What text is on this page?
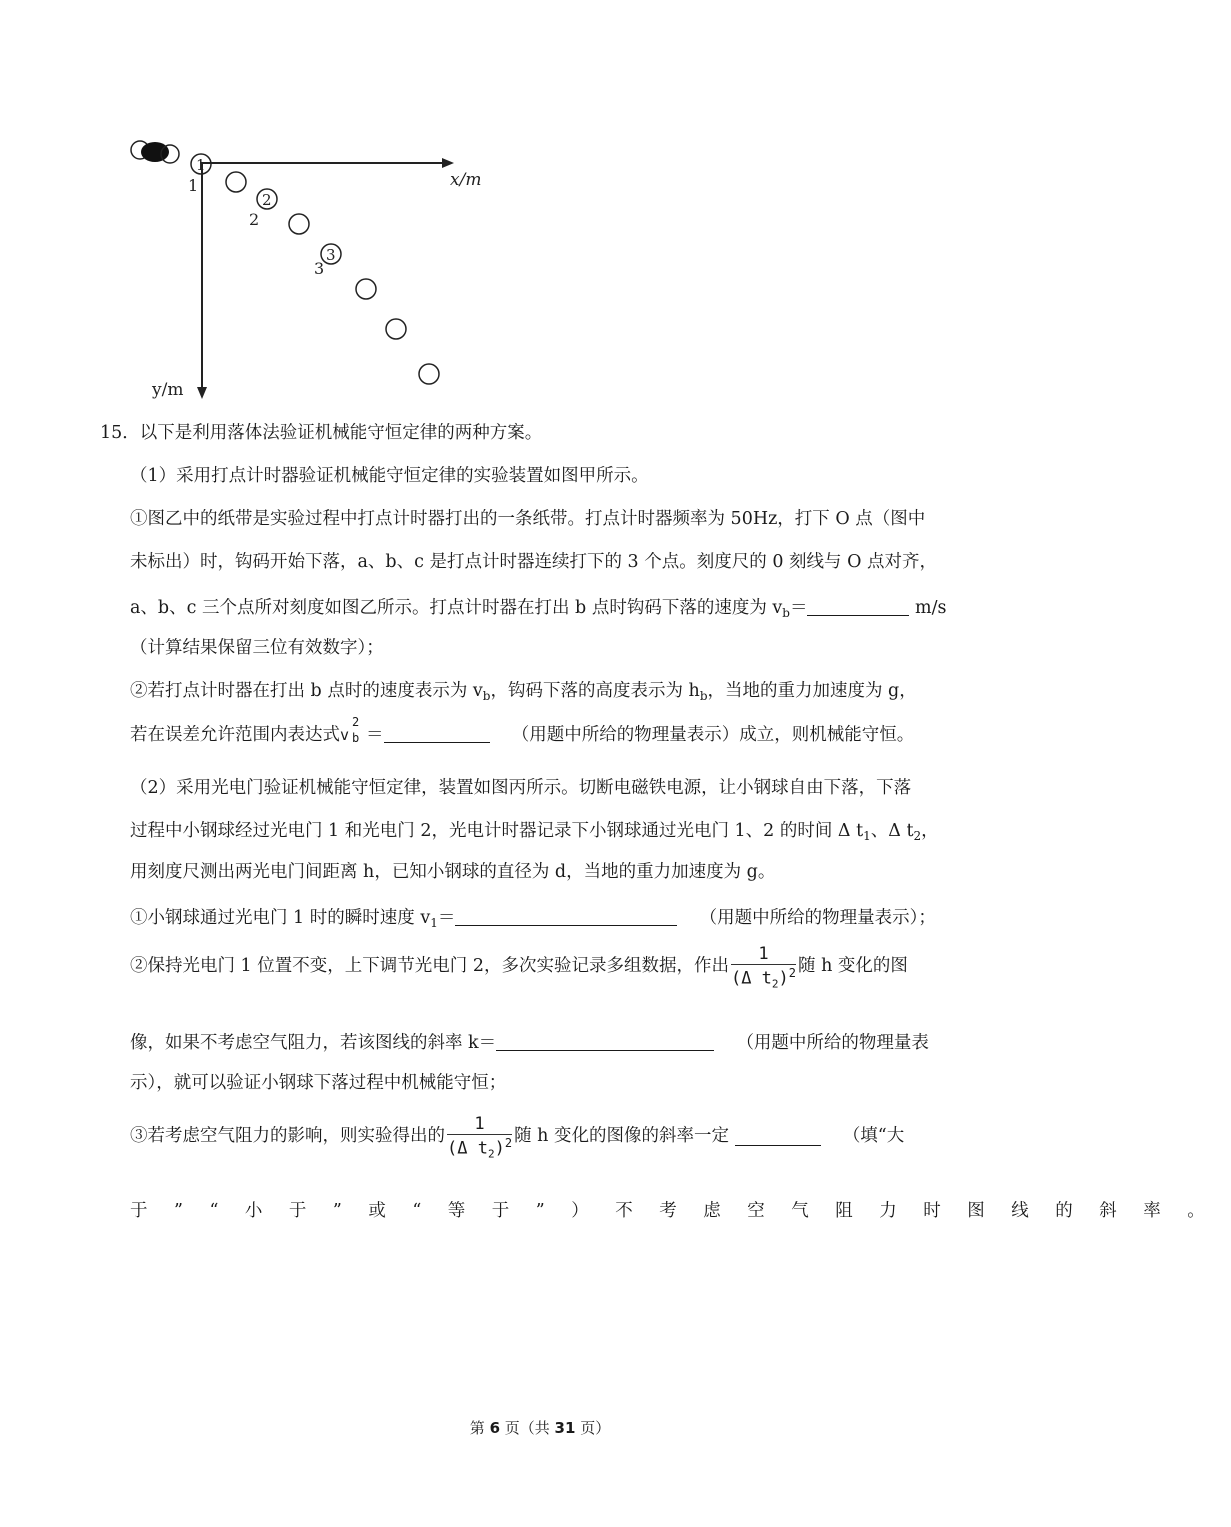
x/m
y/m
1
1
2
2
3
3
15．以下是利用落体法验证机械能守恒定律的两种方案。
（1）采用打点计时器验证机械能守恒定律的实验装置如图甲所示。
①图乙中的纸带是实验过程中打点计时器打出的一条纸带。打点计时器频率为 50Hz，打下 O 点（图中
未标出）时，钩码开始下落，a、b、c 是打点计时器连续打下的 3 个点。刻度尺的 0 刻线与 O 点对齐，
a、b、c 三个点所对刻度如图乙所示。打点计时器在打出 b 点时钩码下落的速度为 $v_b=$	m/s
（计算结果保留三位有效数字）；
②若打点计时器在打出 b 点时的速度表示为 $v_b$，钩码下落的高度表示为 $h_b$，当地的重力加速度为 g，
若在误差允许范围内表达式 v
2
b ＝	（用题中所给的物理量表示）成立，则机械能守恒。
（2）采用光电门验证机械能守恒定律，装置如图丙所示。切断电磁铁电源，让小钢球自由下落，下落
过程中小钢球经过光电门 1 和光电门 2，光电计时器记录下小钢球通过光电门 1、2 的时间 Δ $t_1$、Δ $t_2$，
用刻度尺测出两光电门间距离 h，已知小钢球的直径为 d，当地的重力加速度为 g。
①小钢球通过光电门 1 时的瞬时速度 $v_1=$	（用题中所给的物理量表示）；
②保持光电门 1 位置不变，上下调节光电门 2，多次实验记录多组数据，作出 $\frac{1}{(\Delta t_2)^2}$ 随 h 变化的图
像，如果不考虑空气阻力，若该图线的斜率 k＝	（用题中所给的物理量表
示），就可以验证小钢球下落过程中机械能守恒；
③若考虑空气阻力的影响，则实验得出的 $\frac{1}{(\Delta t_2)^2}$ 随 h 变化的图像的斜率一定	（填“大
于”“小于”或“等于”）不考虑空气阻力时图线的斜率。
第 6 页（共 31 页）
